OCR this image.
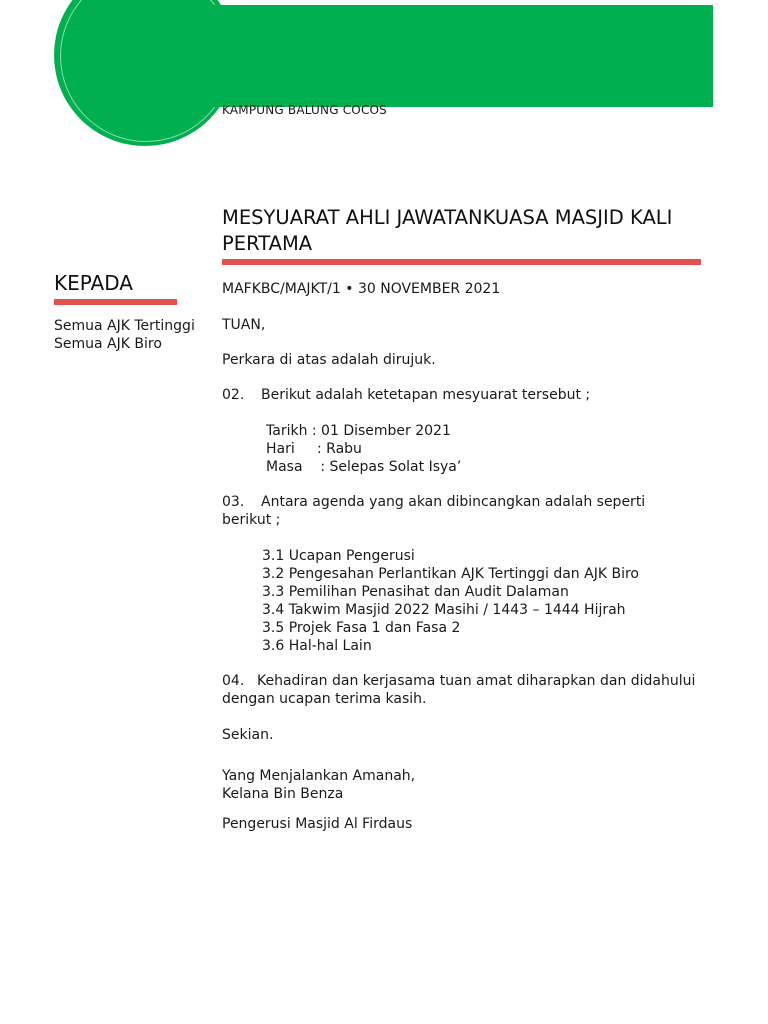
KAMPUNG BALUNG COCOS
MESYUARAT AHLI JAWATANKUASA MASJID KALI PERTAMA
KEPADA
Semua AJK Tertinggi
Semua AJK Biro

MAFKBC/MAJKT/1 • 30 NOVEMBER 2021

TUAN,

Perkara di atas adalah dirujuk.

02. Berikut adalah ketetapan mesyuarat tersebut ;

Tarikh : 01 Disember 2021
Hari     : Rabu
Masa    : Selepas Solat Isya’

03. Antara agenda yang akan dibincangkan adalah seperti berikut ;

3.1 Ucapan Pengerusi
3.2 Pengesahan Perlantikan AJK Tertinggi dan AJK Biro
3.3 Pemilihan Penasihat dan Audit Dalaman
3.4 Takwim Masjid 2022 Masihi / 1443 – 1444 Hijrah
3.5 Projek Fasa 1 dan Fasa 2
3.6 Hal-hal Lain

04. Kehadiran dan kerjasama tuan amat diharapkan dan didahului dengan ucapan terima kasih.

Sekian.

Yang Menjalankan Amanah,
Kelana Bin Benza

Pengerusi Masjid Al Firdaus
